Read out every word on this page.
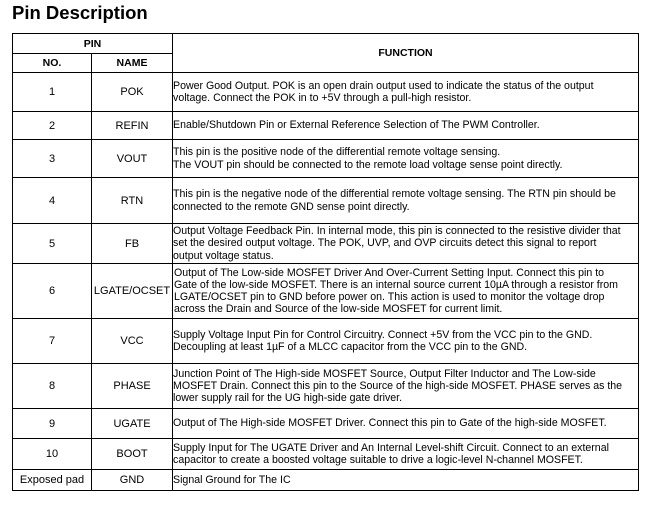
Pin Description
PIN		FUNCTION
NO.	NAME	
1	POK	Power Good Output. POK is an open drain output used to indicate the status of the output
voltage. Connect the POK in to +5V through a pull-high resistor.
2	REFIN	Enable/Shutdown Pin or External Reference Selection of The PWM Controller.
3	VOUT	This pin is the positive node of the differential remote voltage sensing.
The VOUT pin should be connected to the remote load voltage sense point directly.
4	RTN	This pin is the negative node of the differential remote voltage sensing. The RTN pin should be
connected to the remote GND sense point directly.
5	FB	Output Voltage Feedback Pin. In internal mode, this pin is connected to the resistive divider that
set the desired output voltage. The POK, UVP, and OVP circuits detect this signal to report
output voltage status.
6	LGATE/OCSET	Output of The Low-side MOSFET Driver And Over-Current Setting Input. Connect this pin to
Gate of the low-side MOSFET. There is an internal source current 10µA through a resistor from
LGATE/OCSET pin to GND before power on. This action is used to monitor the voltage drop
across the Drain and Source of the low-side MOSFET for current limit.
7	VCC	Supply Voltage Input Pin for Control Circuitry. Connect +5V from the VCC pin to the GND.
Decoupling at least 1µF of a MLCC capacitor from the VCC pin to the GND.
8	PHASE	Junction Point of The High-side MOSFET Source, Output Filter Inductor and The Low-side
MOSFET Drain. Connect this pin to the Source of the high-side MOSFET. PHASE serves as the
lower supply rail for the UG high-side gate driver.
9	UGATE	Output of The High-side MOSFET Driver. Connect this pin to Gate of the high-side MOSFET.
10	BOOT	Supply Input for The UGATE Driver and An Internal Level-shift Circuit. Connect to an external
capacitor to create a boosted voltage suitable to drive a logic-level N-channel MOSFET.
Exposed pad	GND	Signal Ground for The IC
